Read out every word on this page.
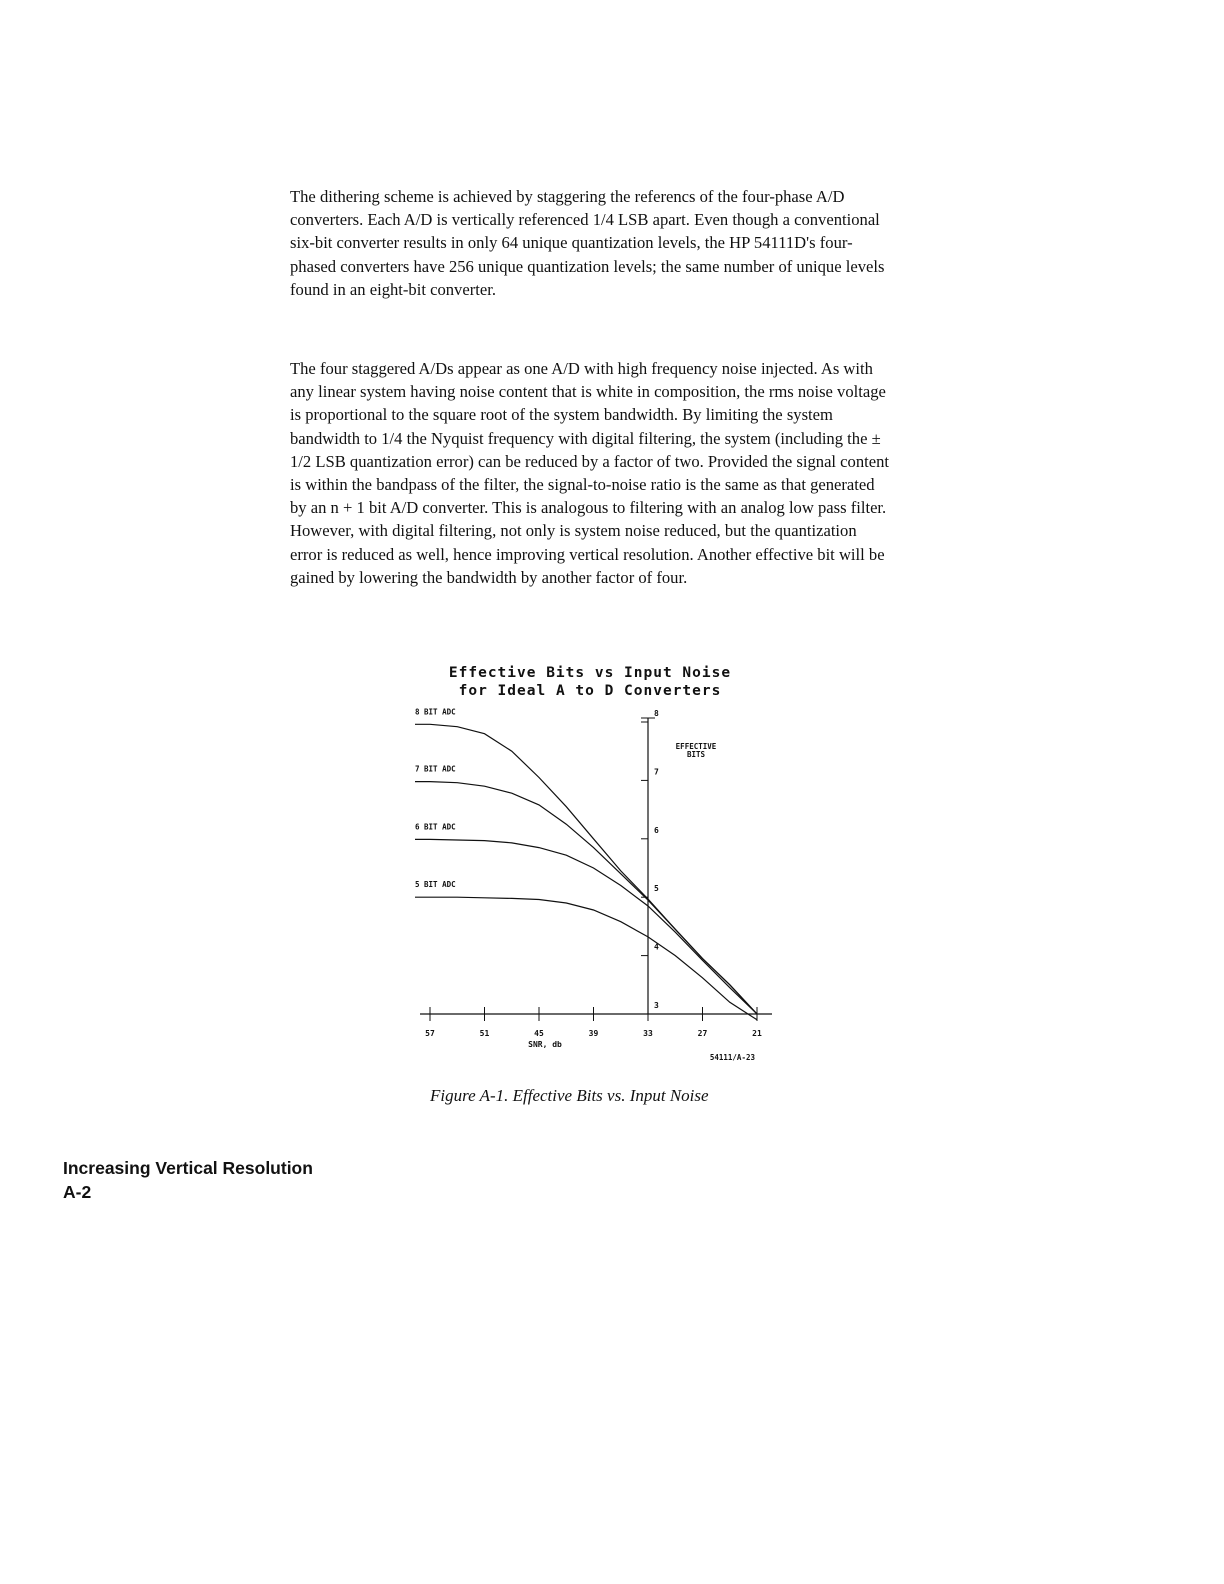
The dithering scheme is achieved by staggering the referencs of the four-phase A/D converters. Each A/D is vertically referenced 1/4 LSB apart. Even though a conventional six-bit converter results in only 64 unique quantization levels, the HP 54111D's four-phased converters have 256 unique quantization levels; the same number of unique levels found in an eight-bit converter.

The four staggered A/Ds appear as one A/D with high frequency noise injected. As with any linear system having noise content that is white in composition, the rms noise voltage is proportional to the square root of the system bandwidth. By limiting the system bandwidth to 1/4 the Nyquist frequency with digital filtering, the system (including the ± 1/2 LSB quantization error) can be reduced by a factor of two. Provided the signal content is within the bandpass of the filter, the signal-to-noise ratio is the same as that generated by an n + 1 bit A/D converter. This is analogous to filtering with an analog low pass filter. However, with digital filtering, not only is system noise reduced, but the quantization error is reduced as well, hence improving vertical resolution. Another effective bit will be gained by lowering the bandwidth by another factor of four.

Effective Bits vs Input Noise
for Ideal A to D Converters
57	51	45	39	33	27	21
SNR, db
3
4
5
6
7
8
EFFECTIVE
BITS
8 BIT ADC
7 BIT ADC
6 BIT ADC
5 BIT ADC
54111/A-23
Figure A-1. Effective Bits vs. Input Noise
Increasing Vertical Resolution
A-2
